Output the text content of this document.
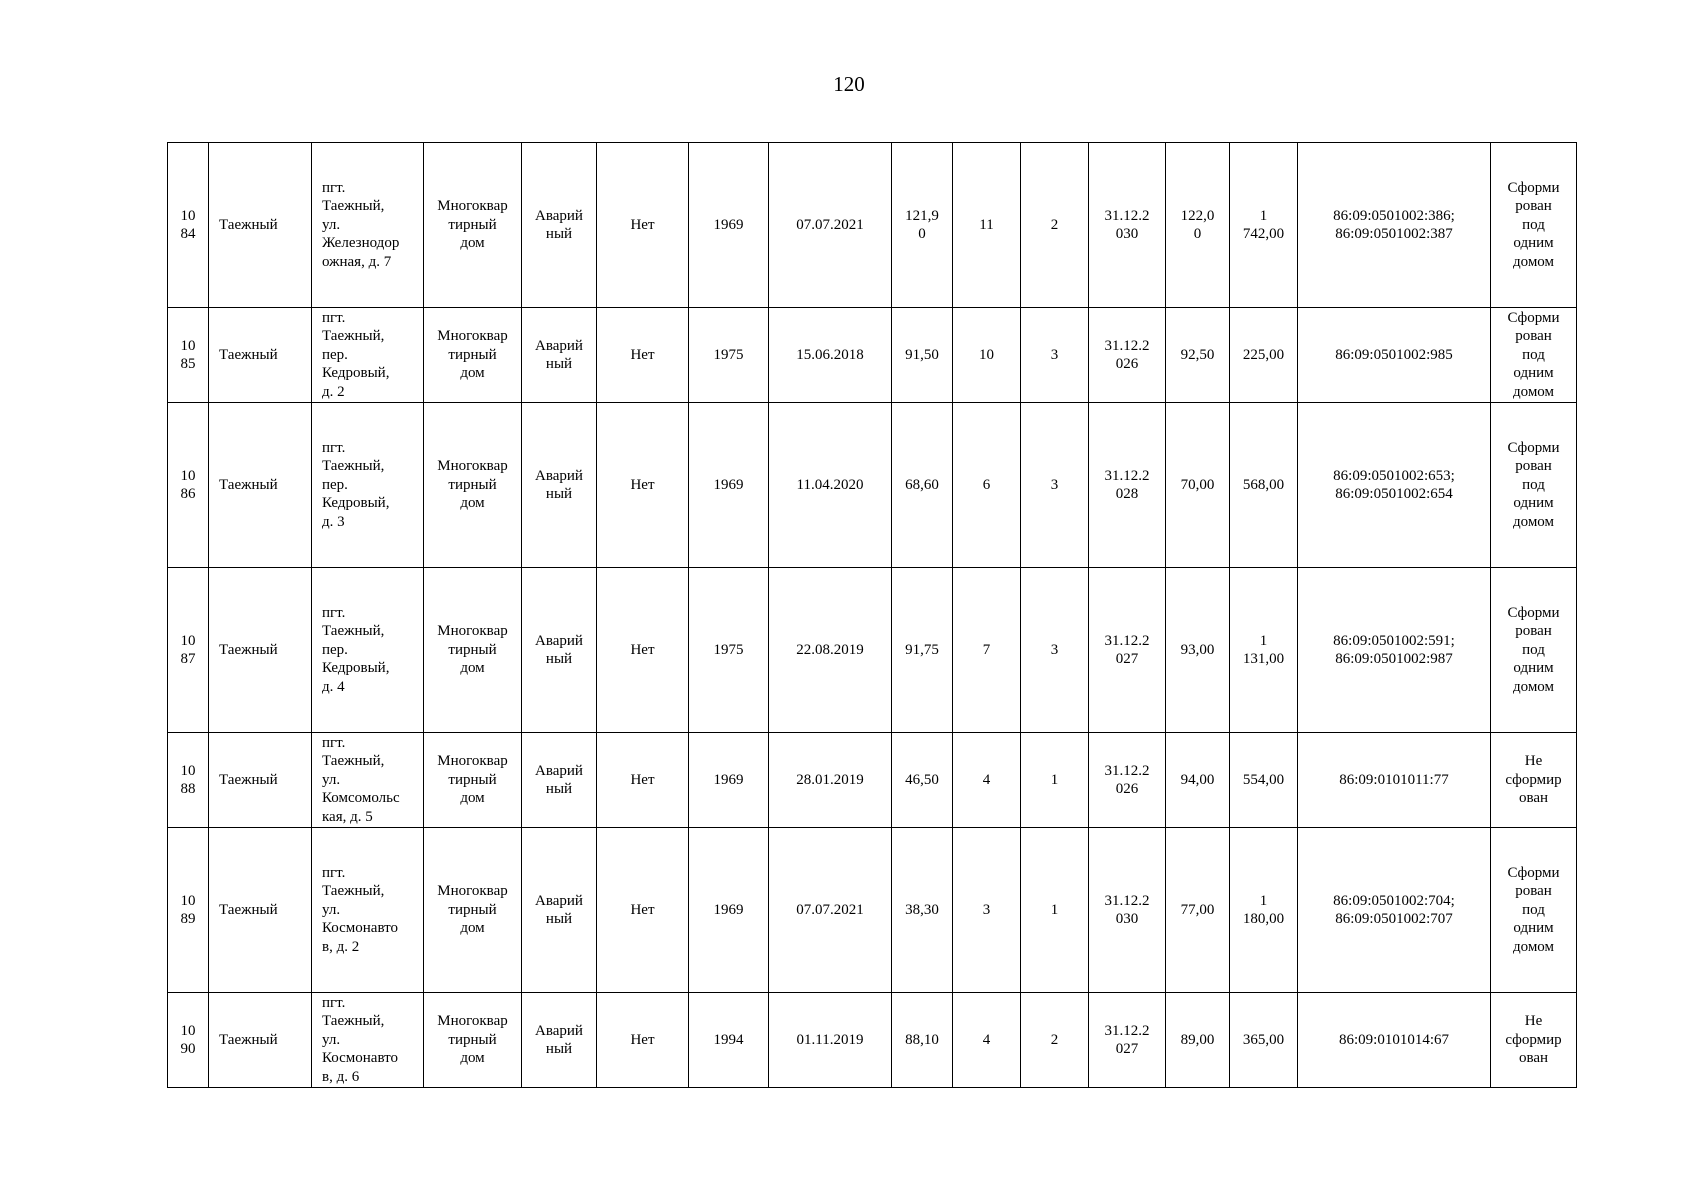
120
10
84	Таежный	пгт.
Таежный,
ул.
Железнодор
ожная, д. 7	Многоквар
тирный
дом	Аварий
ный	Нет	1969	07.07.2021	121,9
0	11	2	31.12.2
030	122,0
0	1
742,00	86:09:0501002:386;
86:09:0501002:387	Сформи
рован
под
одним
домом

10
85	Таежный	пгт.
Таежный,
пер.
Кедровый,
д. 2	Многоквар
тирный
дом	Аварий
ный	Нет	1975	15.06.2018	91,50	10	3	31.12.2
026	92,50	225,00	86:09:0501002:985	Сформи
рован
под
одним
домом

10
86	Таежный	пгт.
Таежный,
пер.
Кедровый,
д. 3	Многоквар
тирный
дом	Аварий
ный	Нет	1969	11.04.2020	68,60	6	3	31.12.2
028	70,00	568,00	86:09:0501002:653;
86:09:0501002:654	Сформи
рован
под
одним
домом

10
87	Таежный	пгт.
Таежный,
пер.
Кедровый,
д. 4	Многоквар
тирный
дом	Аварий
ный	Нет	1975	22.08.2019	91,75	7	3	31.12.2
027	93,00	1
131,00	86:09:0501002:591;
86:09:0501002:987	Сформи
рован
под
одним
домом

10
88	Таежный	пгт.
Таежный,
ул.
Комсомольс
кая, д. 5	Многоквар
тирный
дом	Аварий
ный	Нет	1969	28.01.2019	46,50	4	1	31.12.2
026	94,00	554,00	86:09:0101011:77	Не
сформир
ован

10
89	Таежный	пгт.
Таежный,
ул.
Космонавто
в, д. 2	Многоквар
тирный
дом	Аварий
ный	Нет	1969	07.07.2021	38,30	3	1	31.12.2
030	77,00	1
180,00	86:09:0501002:704;
86:09:0501002:707	Сформи
рован
под
одним
домом

10
90	Таежный	пгт.
Таежный,
ул.
Космонавто
в, д. 6	Многоквар
тирный
дом	Аварий
ный	Нет	1994	01.11.2019	88,10	4	2	31.12.2
027	89,00	365,00	86:09:0101014:67	Не
сформир
ован
